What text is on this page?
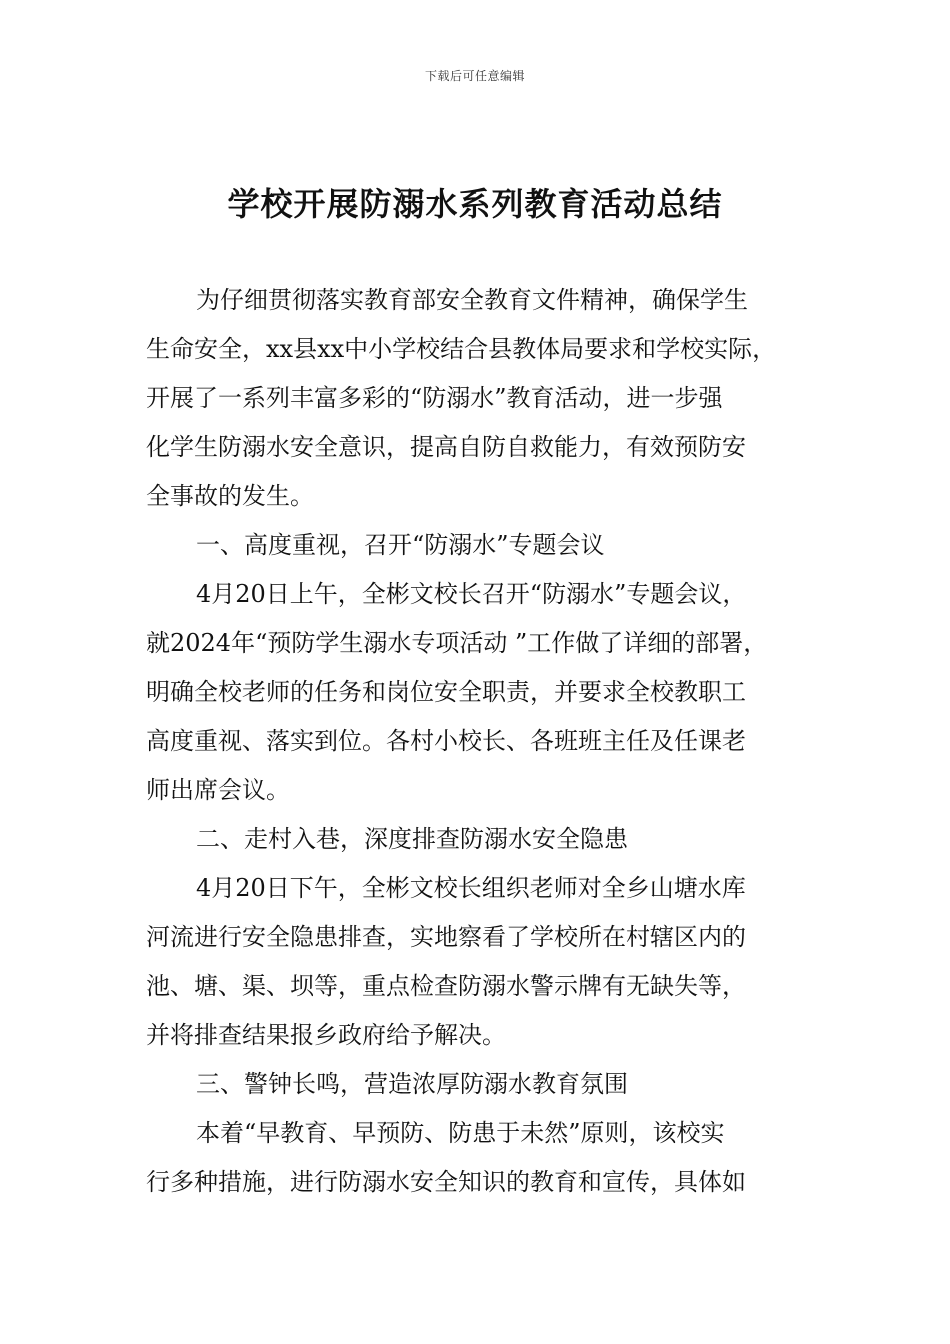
下载后可任意编辑
学校开展防溺水系列教育活动总结
为仔细贯彻落实教育部安全教育文件精神，确保学生
生命安全，xx县xx中小学校结合县教体局要求和学校实际，
开展了一系列丰富多彩的“防溺水”教育活动，进一步强
化学生防溺水安全意识，提高自防自救能力，有效预防安
全事故的发生。
一、高度重视，召开“防溺水”专题会议
4月20日上午，全彬文校长召开“防溺水”专题会议，
就2024年“预防学生溺水专项活动 ”工作做了详细的部署，
明确全校老师的任务和岗位安全职责，并要求全校教职工
高度重视、落实到位。各村小校长、各班班主任及任课老
师出席会议。
二、走村入巷，深度排查防溺水安全隐患
4月20日下午，全彬文校长组织老师对全乡山塘水库
河流进行安全隐患排查，实地察看了学校所在村辖区内的
池、塘、渠、坝等，重点检查防溺水警示牌有无缺失等，
并将排查结果报乡政府给予解决。
三、警钟长鸣，营造浓厚防溺水教育氛围
本着“早教育、早预防、防患于未然”原则，该校实
行多种措施，进行防溺水安全知识的教育和宣传，具体如
